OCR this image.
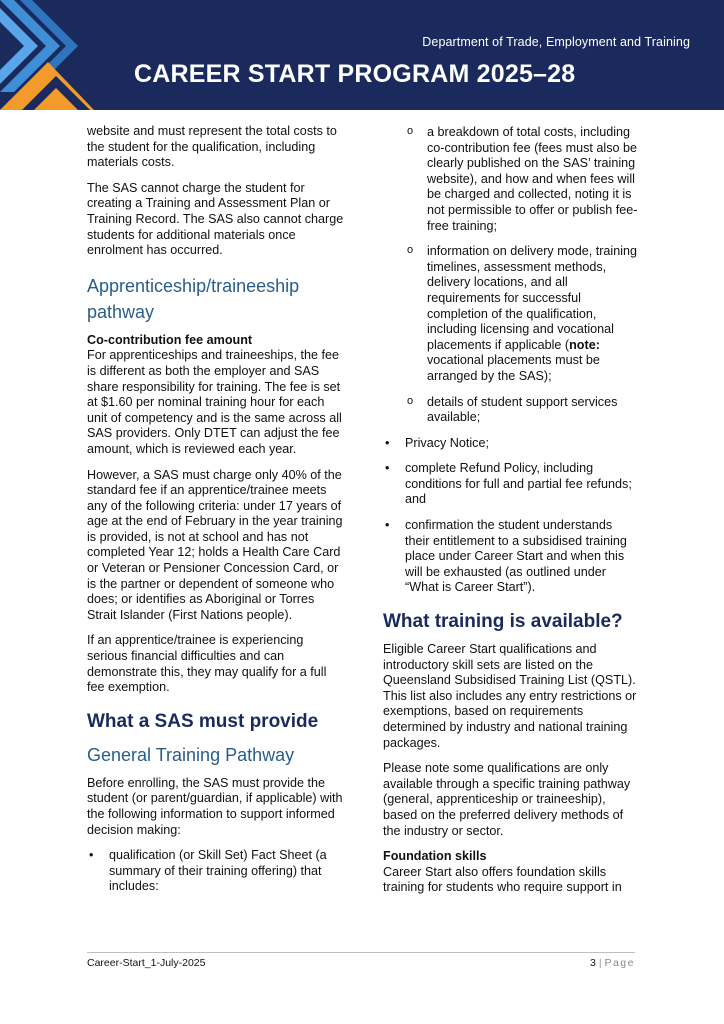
Department of Trade, Employment and Training
CAREER START PROGRAM 2025–28

website and must represent the total costs to the student for the qualification, including materials costs.

The SAS cannot charge the student for creating a Training and Assessment Plan or Training Record. The SAS also cannot charge students for additional materials once enrolment has occurred.

Apprenticeship/traineeship pathway
Co-contribution fee amount

For apprenticeships and traineeships, the fee is different as both the employer and SAS share responsibility for training. The fee is set at $1.60 per nominal training hour for each unit of competency and is the same across all SAS providers. Only DTET can adjust the fee amount, which is reviewed each year.

However, a SAS must charge only 40% of the standard fee if an apprentice/trainee meets any of the following criteria: under 17 years of age at the end of February in the year training is provided, is not at school and has not completed Year 12; holds a Health Care Card or Veteran or Pensioner Concession Card, or is the partner or dependent of someone who does; or identifies as Aboriginal or Torres Strait Islander (First Nations people).

If an apprentice/trainee is experiencing serious financial difficulties and can demonstrate this, they may qualify for a full fee exemption.

What a SAS must provide
General Training Pathway

Before enrolling, the SAS must provide the student (or parent/guardian, if applicable) with the following information to support informed decision making:

• qualification (or Skill Set) Fact Sheet (a summary of their training offering) that includes:
o a breakdown of total costs, including co-contribution fee (fees must also be clearly published on the SAS’ training website), and how and when fees will be charged and collected, noting it is not permissible to offer or publish fee-free training;
o information on delivery mode, training timelines, assessment methods, delivery locations, and all requirements for successful completion of the qualification, including licensing and vocational placements if applicable (note: vocational placements must be arranged by the SAS);
o details of student support services available;
• Privacy Notice;
• complete Refund Policy, including conditions for full and partial fee refunds; and
• confirmation the student understands their entitlement to a subsidised training place under Career Start and when this will be exhausted (as outlined under “What is Career Start”).
What training is available?

Eligible Career Start qualifications and introductory skill sets are listed on the Queensland Subsidised Training List (QSTL). This list also includes any entry restrictions or exemptions, based on requirements determined by industry and national training packages.

Please note some qualifications are only available through a specific training pathway (general, apprenticeship or traineeship), based on the preferred delivery methods of the industry or sector.

Foundation skills

Career Start also offers foundation skills training for students who require support in

Career-Start_1-July-2025	3 | Page
